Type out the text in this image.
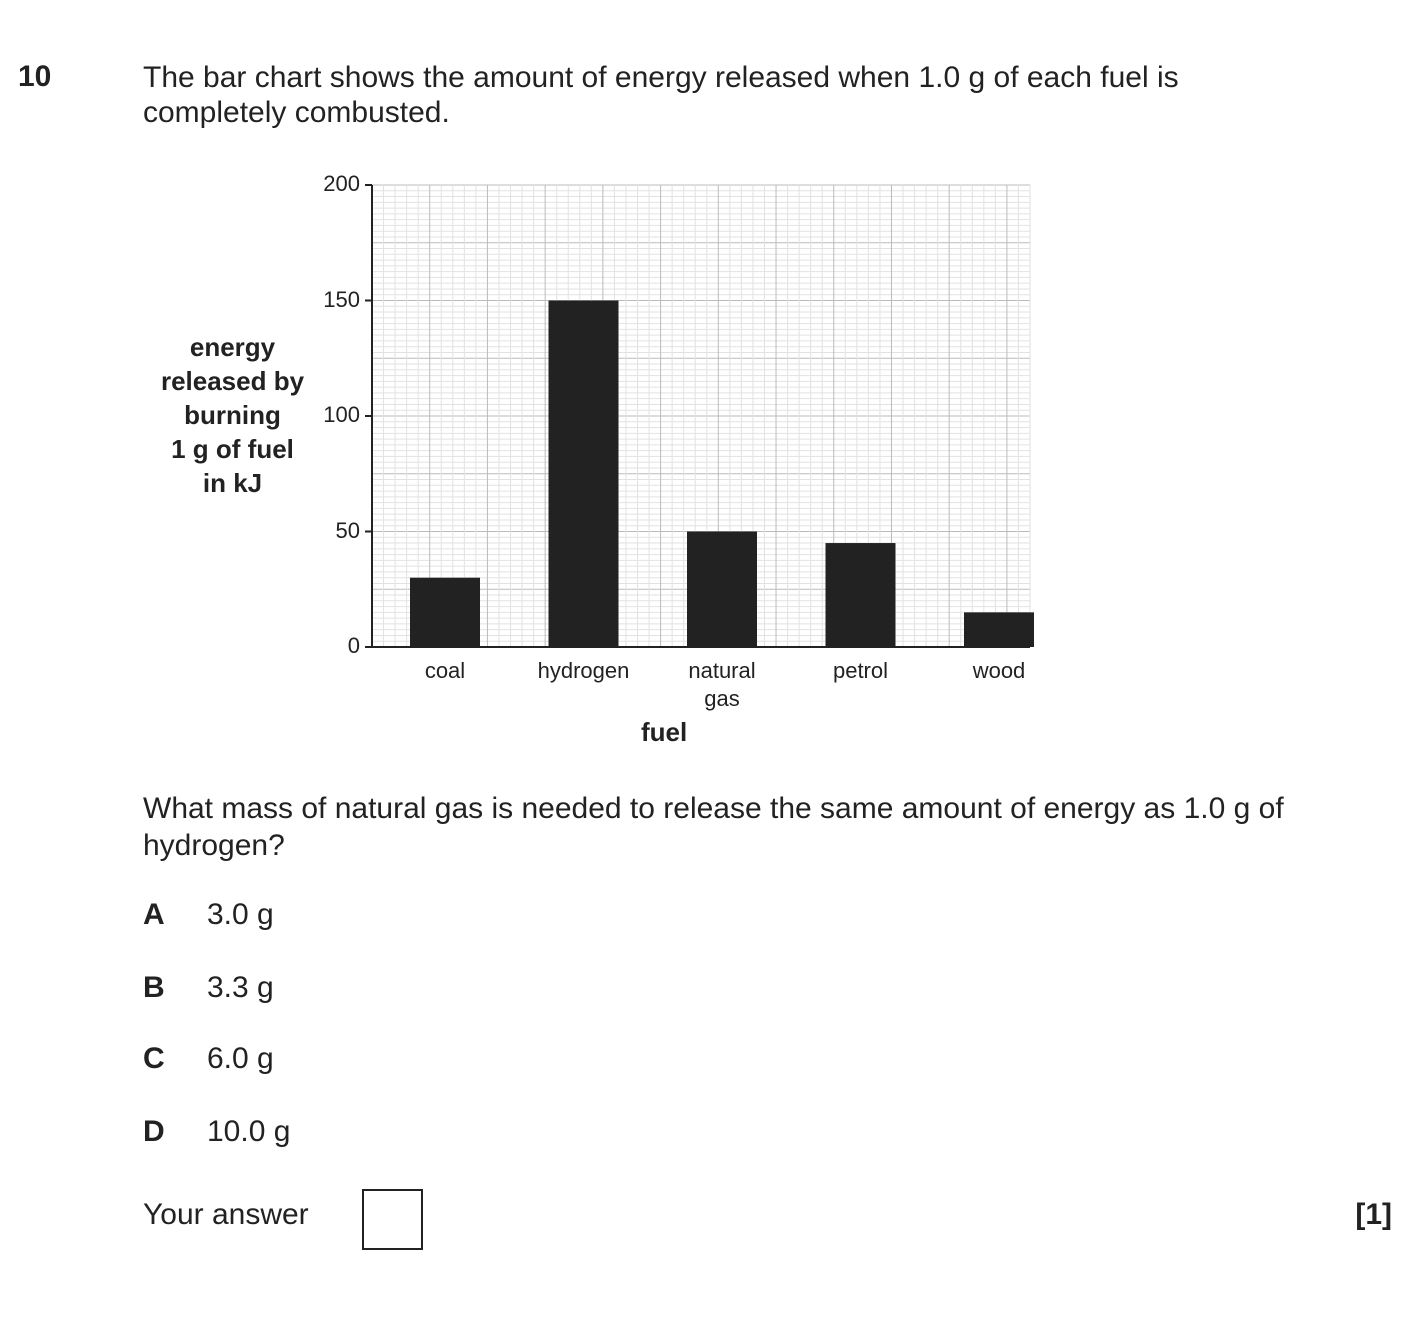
10	The bar chart shows the amount of energy released when 1.0 g of each fuel is completely combusted.
energy
released by
burning
1 g of fuel
in kJ
0
50
100
150
200
coal	hydrogen	natural
gas
petrol	wood
fuel
What mass of natural gas is needed to release the same amount of energy as 1.0 g of hydrogen?
A 3.0 g
B 3.3 g
C 6.0 g
D 10.0 g
Your answer	[1]
